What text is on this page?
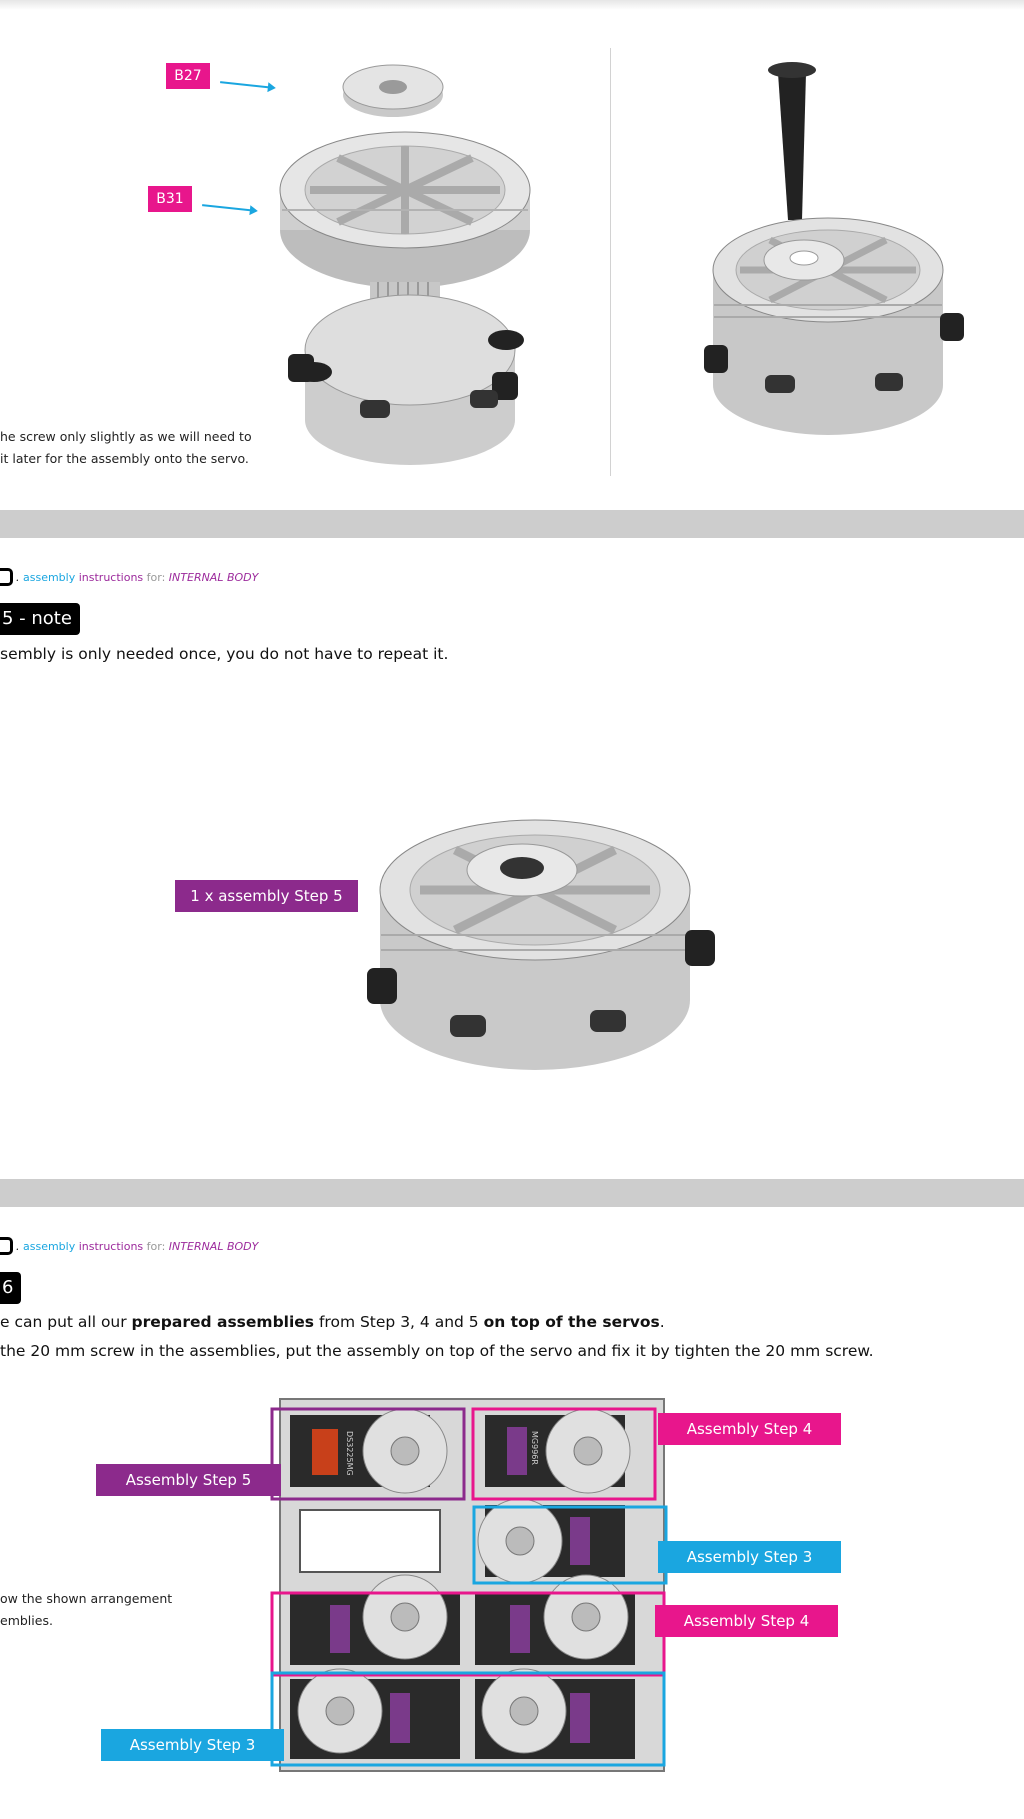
B27
B31
he screw only slightly as we will need to
it later for the assembly onto the servo.
. assembly instructions for: INTERNAL BODY
5 - note
sembly is only needed once, you do not have to repeat it.
1 x assembly Step 5
. assembly instructions for: INTERNAL BODY
6
e can put all our prepared assemblies from Step 3, 4 and 5 on top of the servos.
the 20 mm screw in the assemblies, put the assembly on top of the servo and fix it by tighten the 20 mm screw.
ow the shown arrangement
emblies.
DS3225MG	MG996R
Assembly Step 5
Assembly Step 4
Assembly Step 3
Assembly Step 4
Assembly Step 3
